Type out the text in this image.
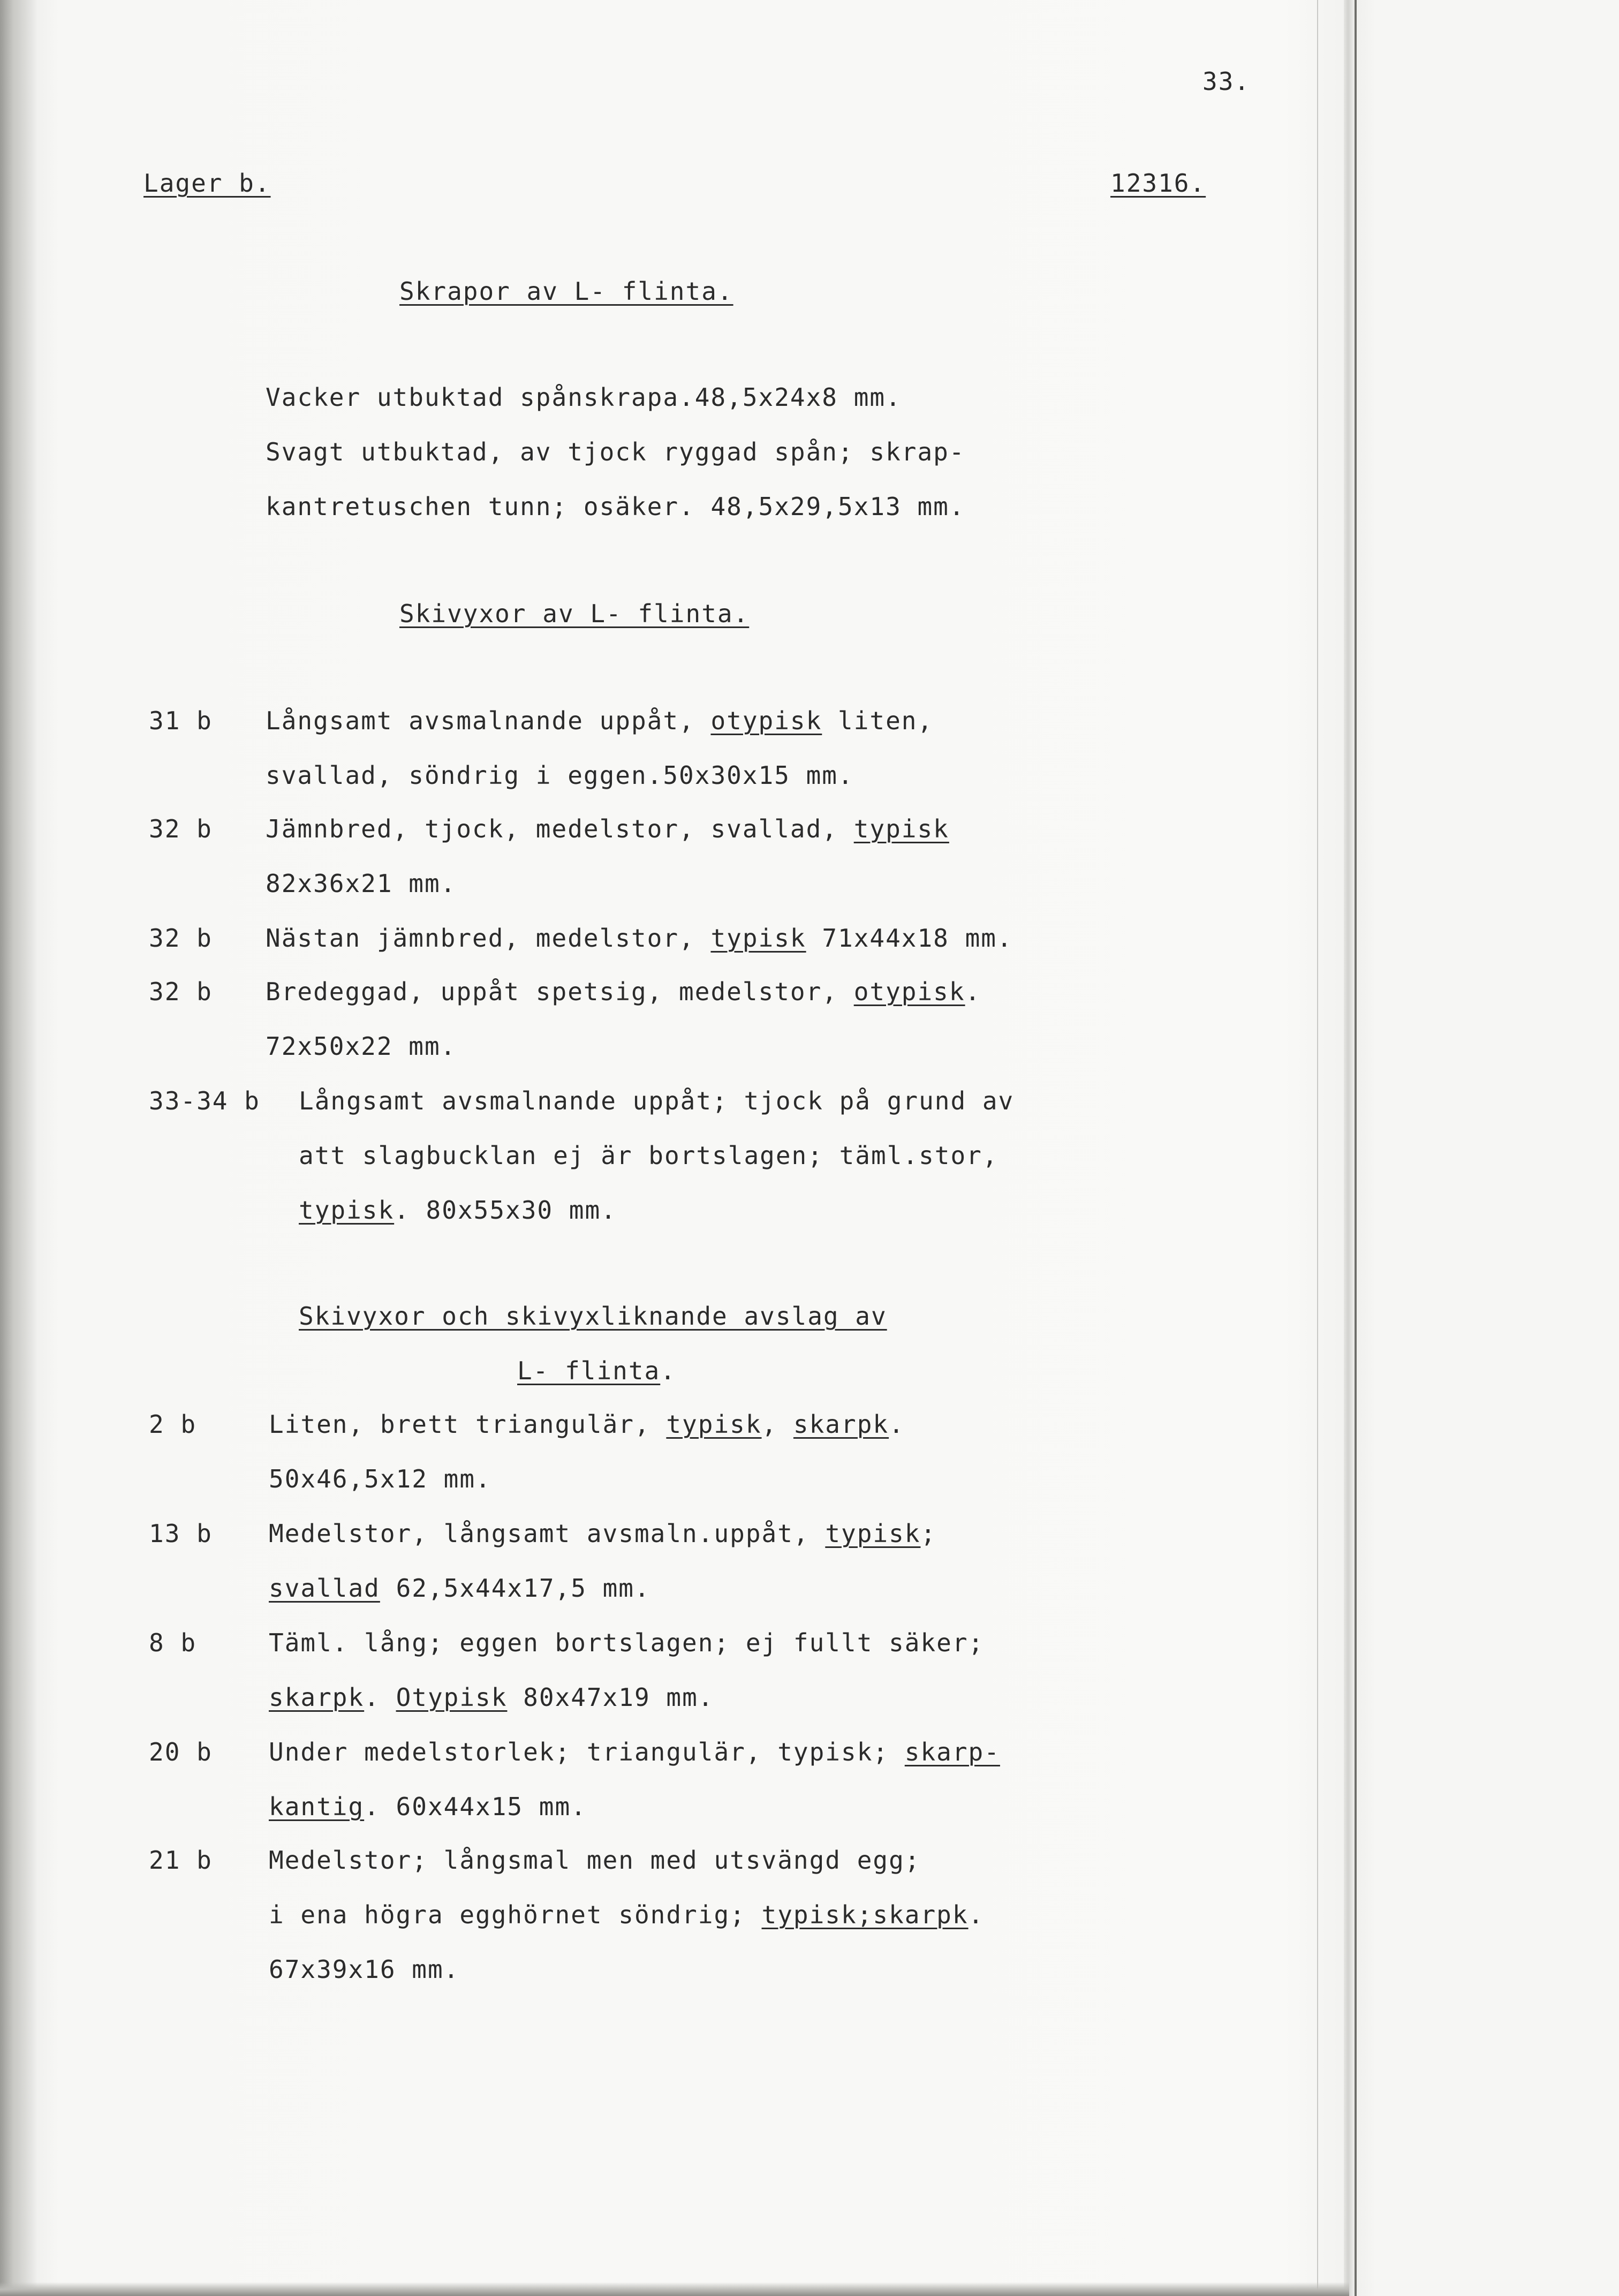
33.
Lager b.	12316.
Skrapor av L- flinta.
Vacker utbuktad spånskrapa.48,5x24x8 mm.
Svagt utbuktad, av tjock ryggad spån; skrap-
kantretuschen tunn; osäker. 48,5x29,5x13 mm.
Skivyxor av L- flinta.
31 b Långsamt avsmalnande uppåt, otypisk liten,
svallad, söndrig i eggen.50x30x15 mm.
32 b Jämnbred, tjock, medelstor, svallad, typisk
82x36x21 mm.
32 b Nästan jämnbred, medelstor, typisk 71x44x18 mm.
32 b Bredeggad, uppåt spetsig, medelstor, otypisk.
72x50x22 mm.
33-34 b Långsamt avsmalnande uppåt; tjock på grund av
att slagbucklan ej är bortslagen; täml.stor,
typisk. 80x55x30 mm.
Skivyxor och skivyxliknande avslag av
L- flinta.
2 b	Liten, brett triangulär, typisk, skarpk.
50x46,5x12 mm.
13 b Medelstor, långsamt avsmaln.uppåt, typisk;
svallad 62,5x44x17,5 mm.
8 b	Täml. lång; eggen bortslagen; ej fullt säker;
skarpk. Otypisk 80x47x19 mm.
20 b Under medelstorlek; triangulär, typisk; skarp-
kantig. 60x44x15 mm.
21 b Medelstor; långsmal men med utsvängd egg;
i ena högra egghörnet söndrig; typisk;skarpk.
67x39x16 mm.
